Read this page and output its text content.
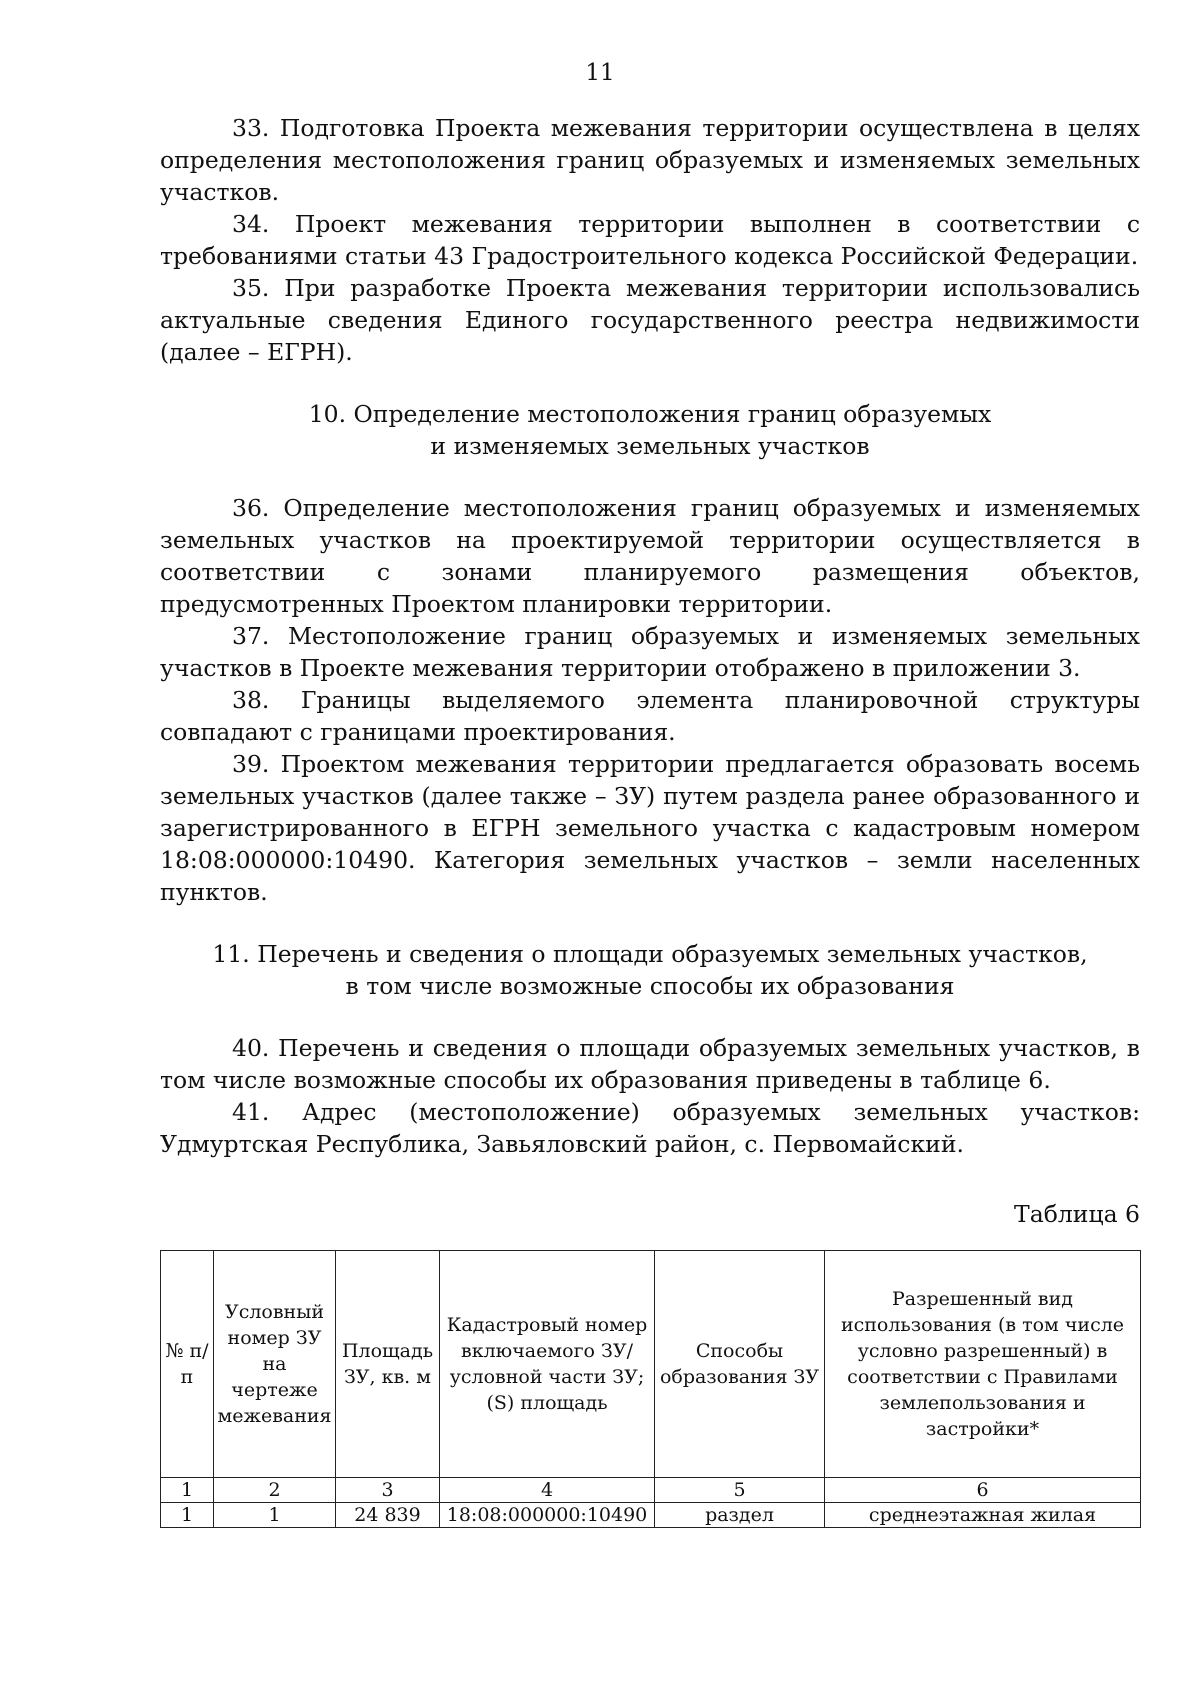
11

33. Подготовка Проекта межевания территории осуществлена в целях определения местоположения границ образуемых и изменяемых земельных участков.

34. Проект межевания территории выполнен в соответствии с требованиями статьи 43 Градостроительного кодекса Российской Федерации.

35. При разработке Проекта межевания территории использовались актуальные сведения Единого государственного реестра недвижимости (далее – ЕГРН).

10. Определение местоположения границ образуемых
и изменяемых земельных участков

36. Определение местоположения границ образуемых и изменяемых земельных участков на проектируемой территории осуществляется в соответствии с зонами планируемого размещения объектов, предусмотренных Проектом планировки территории.

37. Местоположение границ образуемых и изменяемых земельных участков в Проекте межевания территории отображено в приложении 3.

38. Границы выделяемого элемента планировочной структуры совпадают с границами проектирования.

39. Проектом межевания территории предлагается образовать восемь земельных участков (далее также – ЗУ) путем раздела ранее образованного и зарегистрированного в ЕГРН земельного участка с кадастровым номером 18:08:000000:10490. Категория земельных участков – земли населенных пунктов.

11. Перечень и сведения о площади образуемых земельных участков,
в том числе возможные способы их образования

40. Перечень и сведения о площади образуемых земельных участков, в том числе возможные способы их образования приведены в таблице 6.

41. Адрес (местоположение) образуемых земельных участков: Удмуртская Республика, Завьяловский район, с. Первомайский.

Таблица 6
№ п/п	Условный номер ЗУ на чертеже межевания	Площадь ЗУ, кв. м	Кадастровый номер включаемого ЗУ/ условной части ЗУ; (S) площадь	Способы образования ЗУ	Разрешенный вид использования (в том числе условно разрешенный) в соответствии с Правилами землепользования и застройки*
1	2	3	4	5	6
1	1	24 839	18:08:000000:10490	раздел	среднеэтажная жилая
